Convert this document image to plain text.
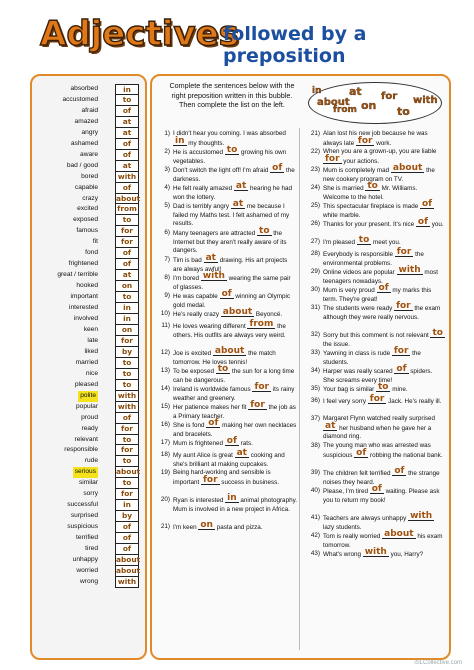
Adjectives
followed by a preposition
absorbed
accustomed
afraid
amazed
angry
ashamed
aware
bad / good
bored
capable
crazy
excited
exposed
famous
fit
fond
frightened
great / terrible
hooked
important
interested
involved
keen
late
liked
married
nice
pleased
polite
popular
proud
ready
relevant
responsible
rude
serious
similar
sorry
successful
surprised
suspicious
terrified
tired
unhappy
worried
wrong
in
to
of
at
at
of
of
at
with
of
about
from
to
for
for
of
of
at
on
to
in
in
on
for
by
to
to
to
with
with
of
for
to
for
to
about
to
for
in
by
of
of
of
about
about
with
Complete the sentences below with the right preposition written in this bubble. Then complete the list on the left.	about
at for with
in
on
from	to
1) I didn't hear you coming. I was absorbed in my thoughts.
2) He is accustomed to growing his own vegetables.
3) Don't switch the light off! I'm afraid of the darkness.
4) He felt really amazed at hearing he had won the lottery.
5) Dad is terribly angry at me because I failed my Maths test. I felt ashamed of my results.
6) Many teenagers are attracted to the Internet but they aren't really aware of its dangers.
7) Tim is bad at drawing. His art projects are always awful!
8) I'm bored with wearing the same pair of glasses.
9) He was capable of winning an Olympic gold medal.
10) He's really crazy about Beyoncé.
11) He loves wearing different from the others. His outfits are always very weird.
12) Joe is excited about the match tomorrow. He loves tennis!
13) To be exposed to the sun for a long time can be dangerous.
14) Ireland is worldwide famous for its rainy weather and greenery.
15) Her patience makes her fit for the job as a Primary teacher.
16) She is fond of making her own necklaces and bracelets.
17) Mum is frightened of rats.
18) My aunt Alice is great at cooking and she's brilliant at making cupcakes.
19) Being hard-working and sensible is important for success in business.
20) Ryan is interested in animal photography. Mum is involved in a new project in Africa.
21) I'm keen on pasta and pizza.
21) Alan lost his new job because he was always late for work.
22) When you are a grown-up, you are liable for your actions.
23) Mum is completely mad about the new cookery program on TV.
24) She is married to Mr. Williams. Welcome to the hotel.
25) This spectacular fireplace is made of white marble.
26) Thanks for your present. It's nice of you.
27) I'm pleased to meet you.
28) Everybody is responsible for the environmental problems.
29) Online videos are popular with most teenagers nowadays.
30) Mum is very proud of my marks this term. They're great!
31) The students were ready for the exam although they were really nervous.
32) Sorry but this comment is not relevant to the issue.
33) Yawning in class is rude for the students.
34) Harper was really scared of spiders. She screams every time!
35) Your bag is similar to mine.
36) I feel very sorry for Jack. He's really ill.
37) Margaret Flynn watched really surprised at her husband when he gave her a diamond ring.
38) The young man who was arrested was suspicious of robbing the national bank.
39) The children felt terrified of the strange noises they heard.
40) Please, I'm tired of waiting. Please ask you to return my book!
41) Teachers are always unhappy with lazy students.
42) Tom is really worried about his exam tomorrow.
43) What's wrong with you, Harry?
iSLCollective.com
